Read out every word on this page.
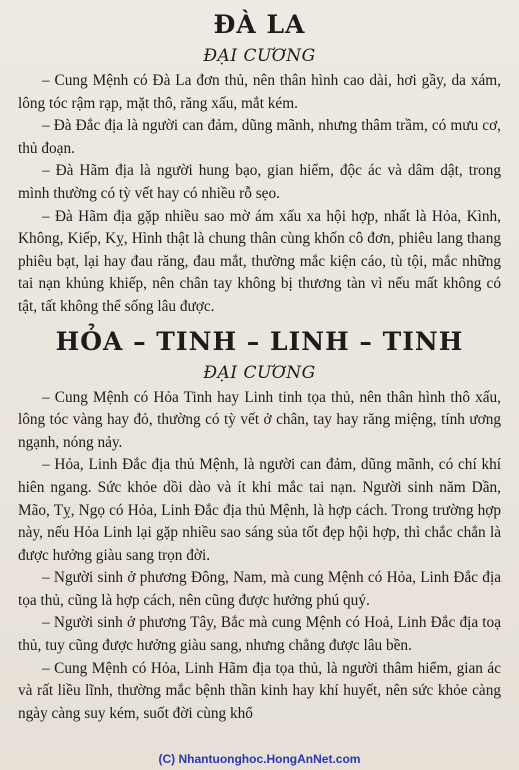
ĐÀ LA
ĐẠI CƯƠNG

– Cung Mệnh có Đà La đơn thủ, nên thân hình cao dài, hơi gầy, da xám, lông tóc rậm rạp, mặt thô, răng xấu, mắt kém.

– Đà Đắc địa là người can đảm, dũng mãnh, nhưng thâm trầm, có mưu cơ, thủ đoạn.

– Đà Hãm địa là người hung bạo, gian hiểm, độc ác và dâm dật, trong mình thường có tỳ vết hay có nhiều rỗ sẹo.

– Đà Hãm địa gặp nhiều sao mờ ám xấu xa hội hợp, nhất là Hỏa, Kình, Không, Kiếp, Kỵ, Hình thật là chung thân cùng khốn cô đơn, phiêu lang thang phiêu bạt, lại hay đau răng, đau mắt, thường mắc kiện cáo, tù tội, mắc những tai nạn khủng khiếp, nên chân tay không bị thương tàn vì nếu mất không có tật, tất không thể sống lâu được.

HỎA – TINH – LINH – TINH
ĐẠI CƯƠNG

– Cung Mệnh có Hỏa Tinh hay Linh tinh tọa thủ, nên thân hình thô xấu, lông tóc vàng hay đỏ, thường có tỳ vết ở chân, tay hay răng miệng, tính ương ngạnh, nóng nảy.

– Hỏa, Linh Đắc địa thủ Mệnh, là người can đảm, dũng mãnh, có chí khí hiên ngang. Sức khỏe dồi dào và ít khi mắc tai nạn. Người sinh năm Dần, Mão, Tỵ, Ngọ có Hỏa, Linh Đắc địa thủ Mệnh, là hợp cách. Trong trường hợp này, nếu Hỏa Linh lại gặp nhiều sao sáng sủa tốt đẹp hội hợp, thì chắc chắn là được hưởng giàu sang trọn đời.

– Người sinh ở phương Đông, Nam, mà cung Mệnh có Hỏa, Linh Đắc địa tọa thủ, cũng là hợp cách, nên cũng được hưởng phú quý.

– Người sinh ở phương Tây, Bắc mà cung Mệnh có Hoả, Linh Đắc địa toạ thủ, tuy cũng được hưởng giàu sang, nhưng chẳng được lâu bền.

– Cung Mệnh có Hỏa, Linh Hãm địa tọa thủ, là người thâm hiểm, gian ác và rất liều lĩnh, thường mắc bệnh thần kinh hay khí huyết, nên sức khỏe càng ngày càng suy kém, suốt đời cùng khổ

(C) Nhantuonghoc.HongAnNet.com
